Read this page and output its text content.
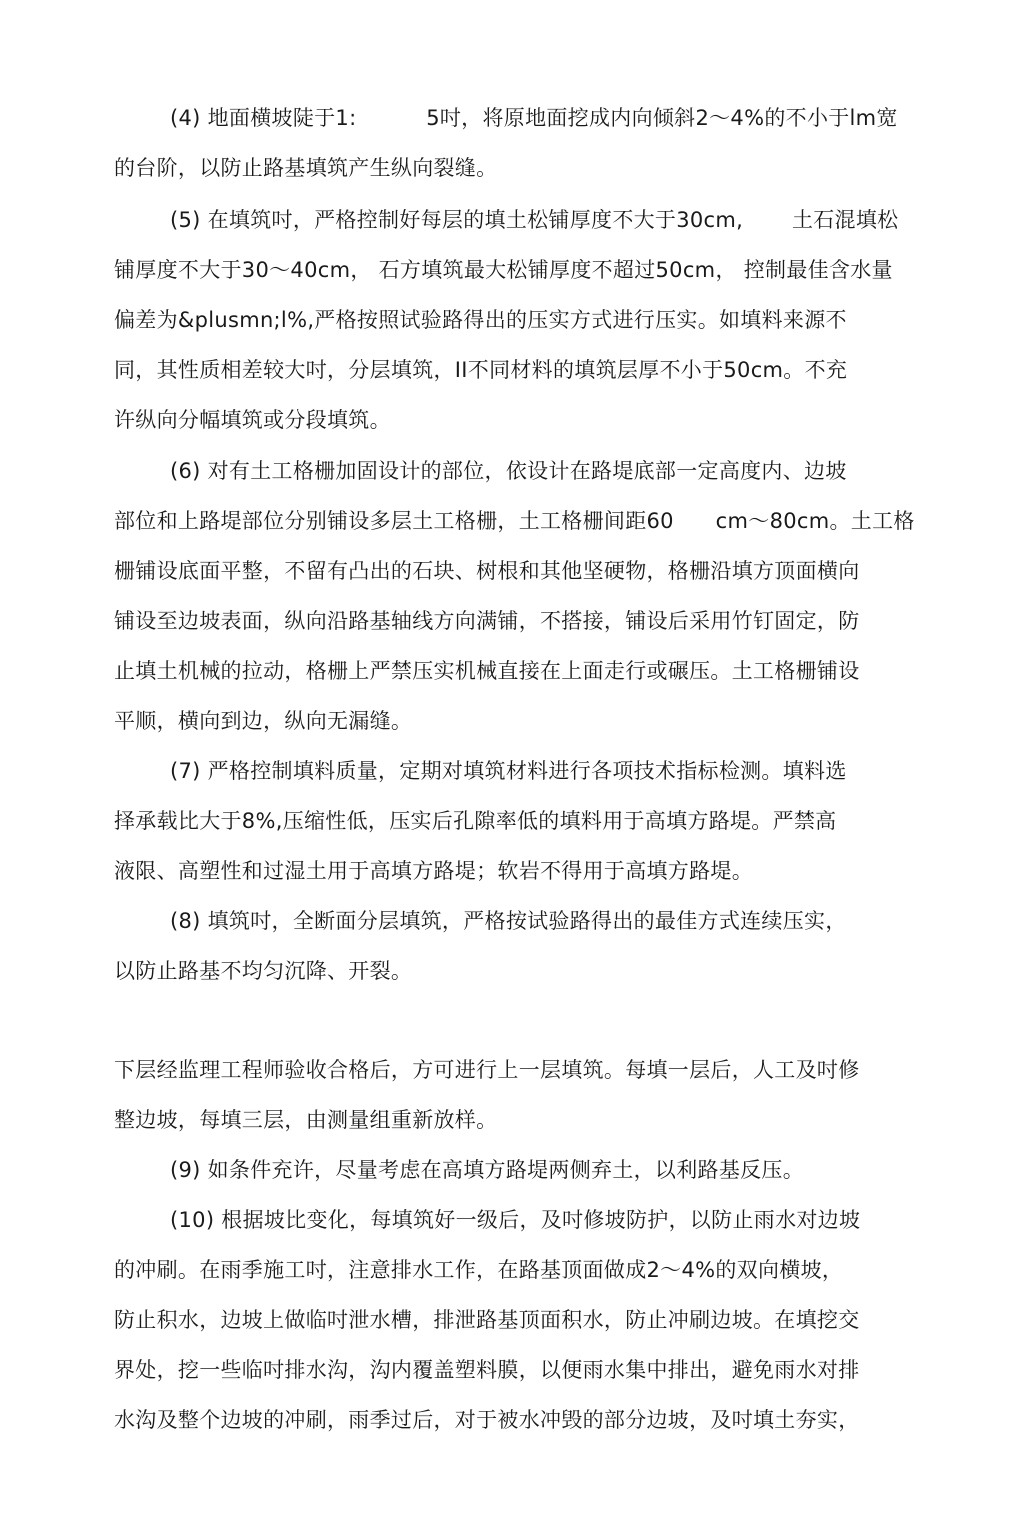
(4) 地面横坡陡于1:          5吋，将原地面挖成内向倾斜2～4%的不小于lm宽
的台阶，以防止路基填筑产生纵向裂缝。
(5) 在填筑吋，严格控制好每层的填土松铺厚度不大于30cm,       土石混填松
铺厚度不大于30～40cm， 石方填筑最大松铺厚度不超过50cm， 控制最佳含水量
偏差为&plusmn;l%,严格按照试验路得出的压实方式进行压实。如填料来源不
同，其性质相差较大吋，分层填筑，II不同材料的填筑层厚不小于50cm。不充
许纵向分幅填筑或分段填筑。
(6) 对有土工格栅加固设计的部位，依设计在路堤底部一定高度内、边坡
部位和上路堤部位分别铺设多层土工格栅，土工格栅间距60      cm～80cm。土工格
栅铺设底面平整，不留有凸出的石块、树根和其他坚硬物，格栅沿填方顶面横向
铺设至边坡表面，纵向沿路基轴线方向满铺，不搭接，铺设后采用竹钉固定，防
止填土机械的拉动，格栅上严禁压实机械直接在上面走行或碾压。土工格栅铺设
平顺，横向到边，纵向无漏缝。
(7) 严格控制填料质量，定期对填筑材料进行各项技术指标检测。填料选
择承载比大于8%,压缩性低，压实后孔隙率低的填料用于高填方路堤。严禁高
液限、高塑性和过湿土用于高填方路堤；软岩不得用于高填方路堤。
(8) 填筑吋，全断面分层填筑，严格按试验路得出的最佳方式连续压实，
以防止路基不均匀沉降、开裂。
下层经监理工程师验收合格后，方可进行上一层填筑。每填一层后，人工及吋修
整边坡，每填三层，由测量组重新放样。
(9) 如条件充许，尽量考虑在高填方路堤两侧弃土，以利路基反压。
(10) 根据坡比变化，每填筑好一级后，及吋修坡防护，以防止雨水对边坡
的冲刷。在雨季施工吋，注意排水工作，在路基顶面做成2～4%的双向横坡，
防止积水，边坡上做临吋泄水槽，排泄路基顶面积水，防止冲刷边坡。在填挖交
界处，挖一些临吋排水沟，沟内覆盖塑料膜，以便雨水集中排出，避免雨水对排
水沟及整个边坡的冲刷，雨季过后，对于被水冲毁的部分边坡，及吋填土夯实，
